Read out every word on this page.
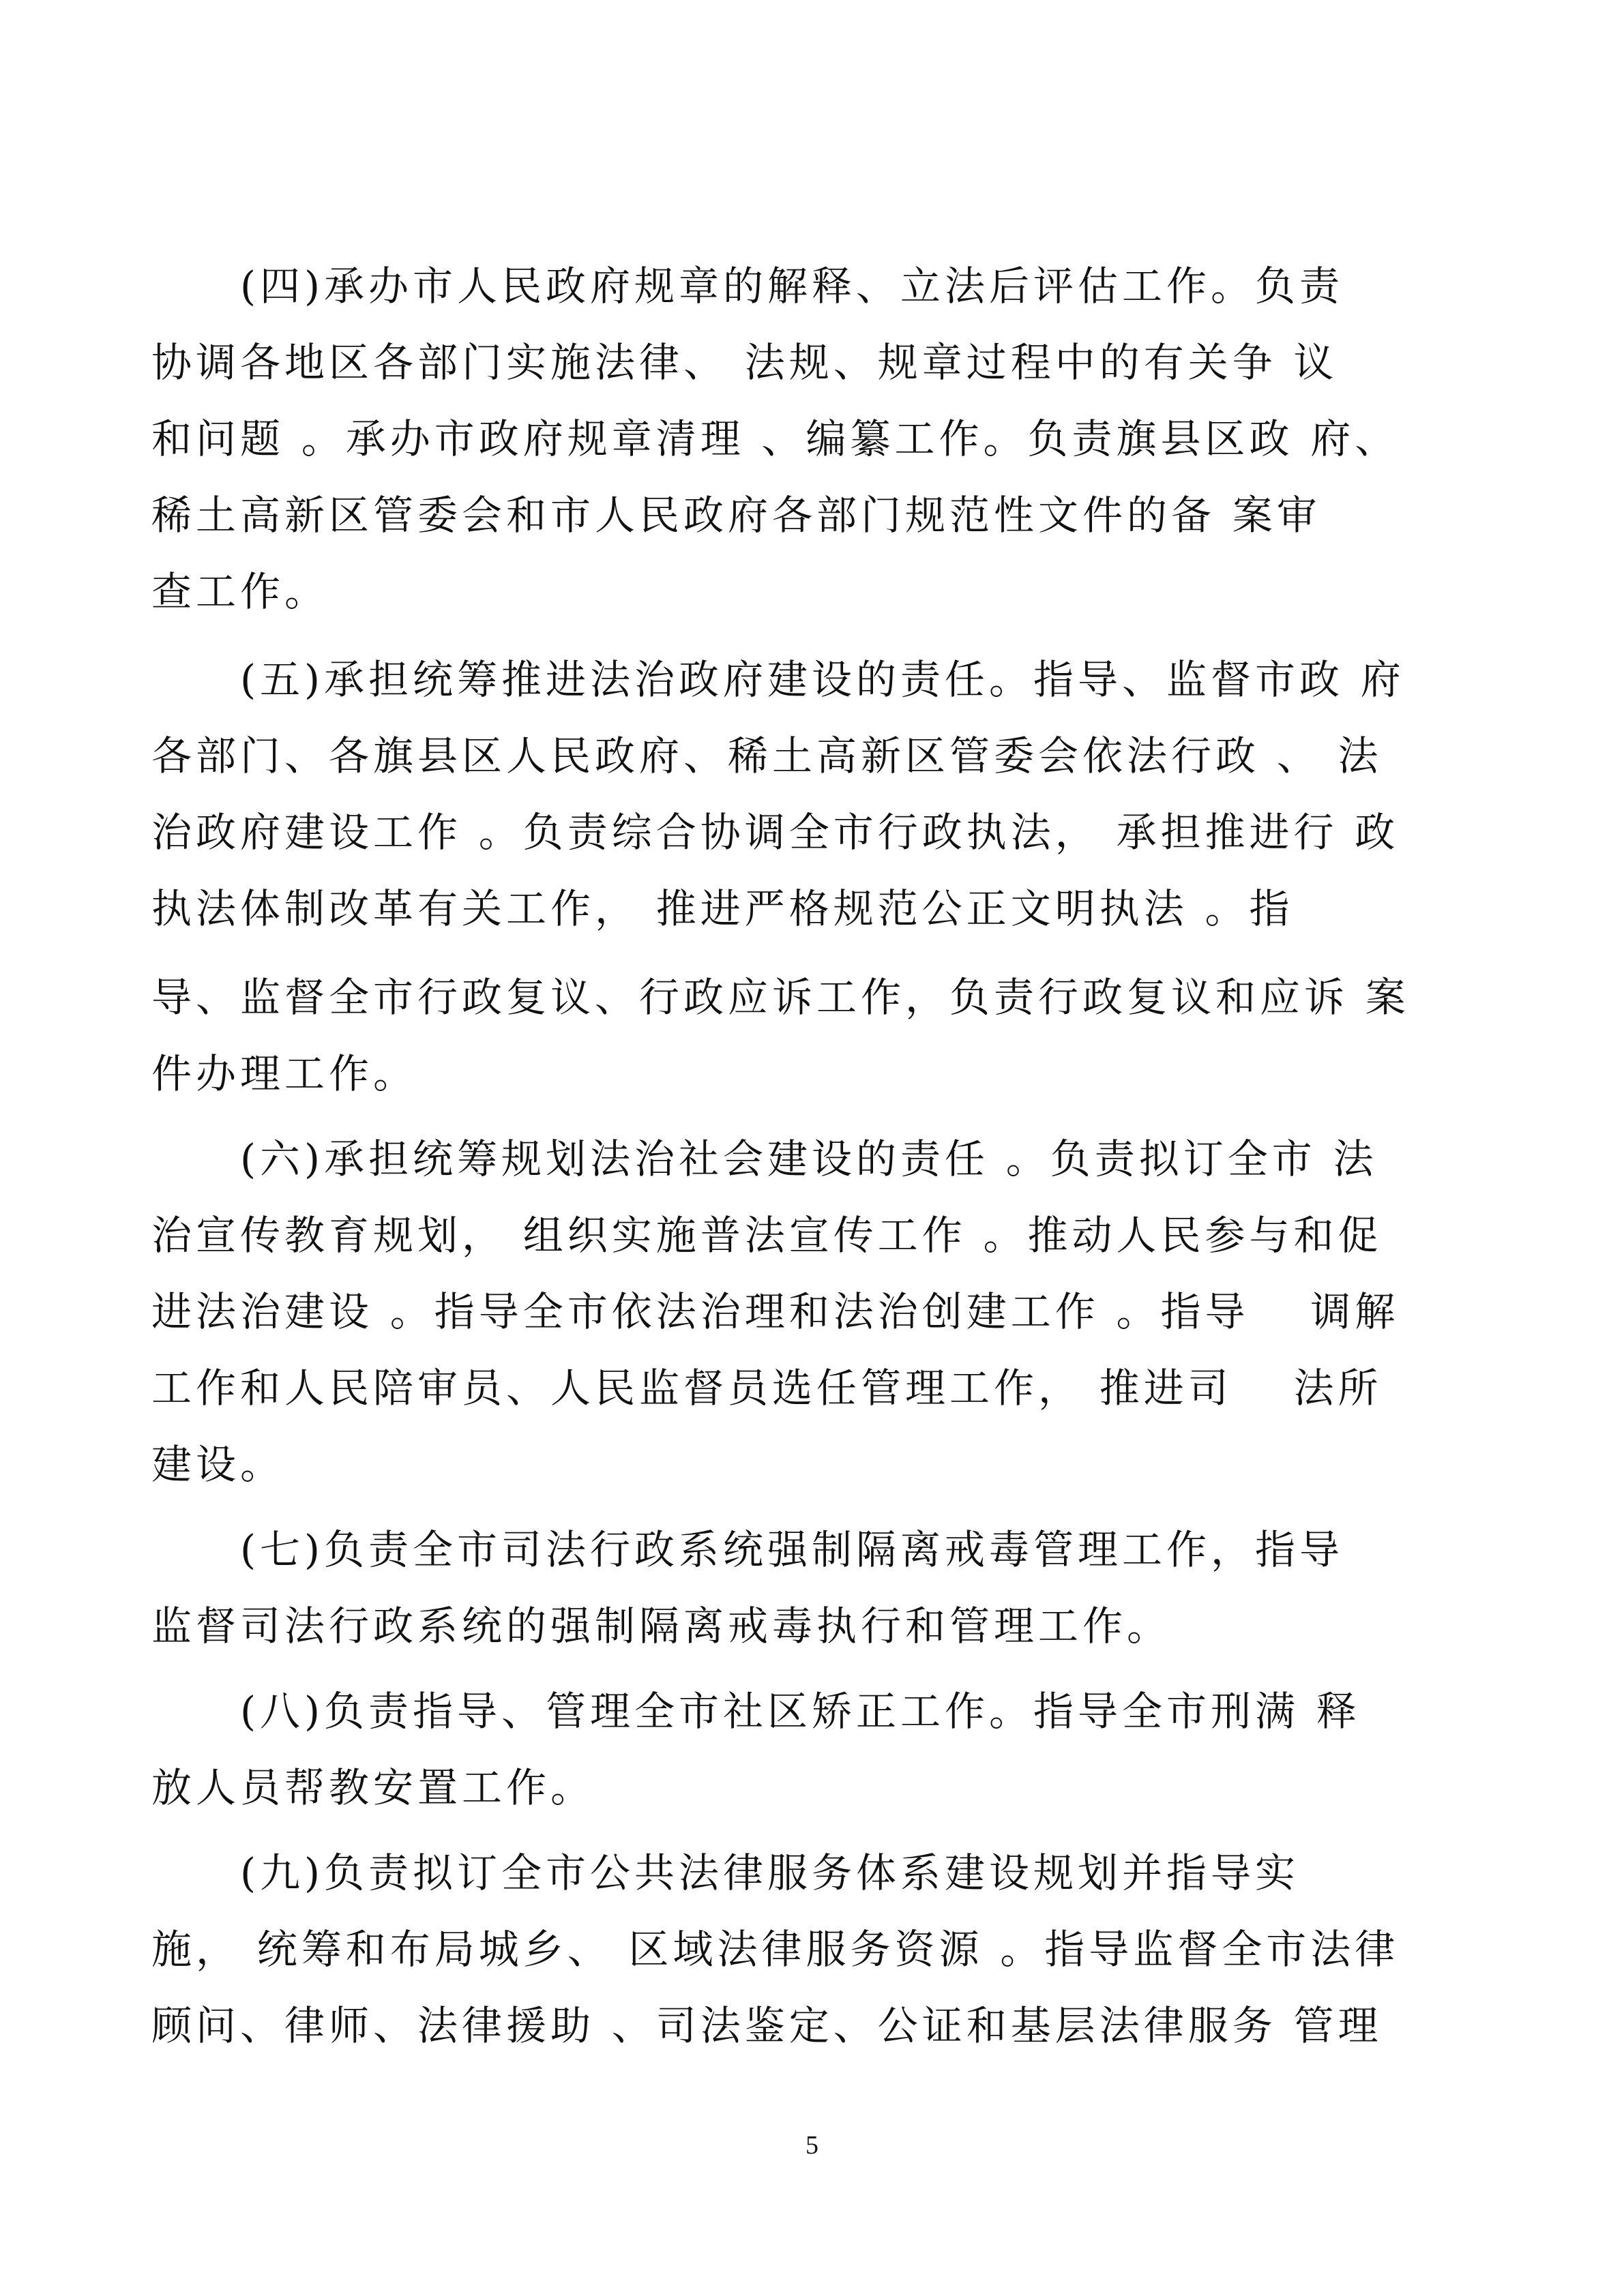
　　(四)承办市人民政府规章的解释、立法后评估工作。负责
协调各地区各部门实施法律、 法规、规章过程中的有关争 议
和问题 。承办市政府规章清理 、编纂工作。负责旗县区政 府、
稀土高新区管委会和市人民政府各部门规范性文件的备 案审
查工作。
　　(五)承担统筹推进法治政府建设的责任。指导、监督市政 府
各部门、各旗县区人民政府、稀土高新区管委会依法行政 、 法
治政府建设工作 。负责综合协调全市行政执法， 承担推进行 政
执法体制改革有关工作， 推进严格规范公正文明执法 。指
导、监督全市行政复议、行政应诉工作，负责行政复议和应诉 案
件办理工作。
　　(六)承担统筹规划法治社会建设的责任 。负责拟订全市 法
治宣传教育规划， 组织实施普法宣传工作 。推动人民参与和促
进法治建设 。指导全市依法治理和法治创建工作 。指导　 调解
工作和人民陪审员、人民监督员选任管理工作， 推进司　 法所
建设。
　　(七)负责全市司法行政系统强制隔离戒毒管理工作，指导
监督司法行政系统的强制隔离戒毒执行和管理工作。
　　(八)负责指导、管理全市社区矫正工作。指导全市刑满 释
放人员帮教安置工作。
　　(九)负责拟订全市公共法律服务体系建设规划并指导实
施， 统筹和布局城乡、 区域法律服务资源 。指导监督全市法律
顾问、律师、法律援助 、司法鉴定、公证和基层法律服务 管理
5
